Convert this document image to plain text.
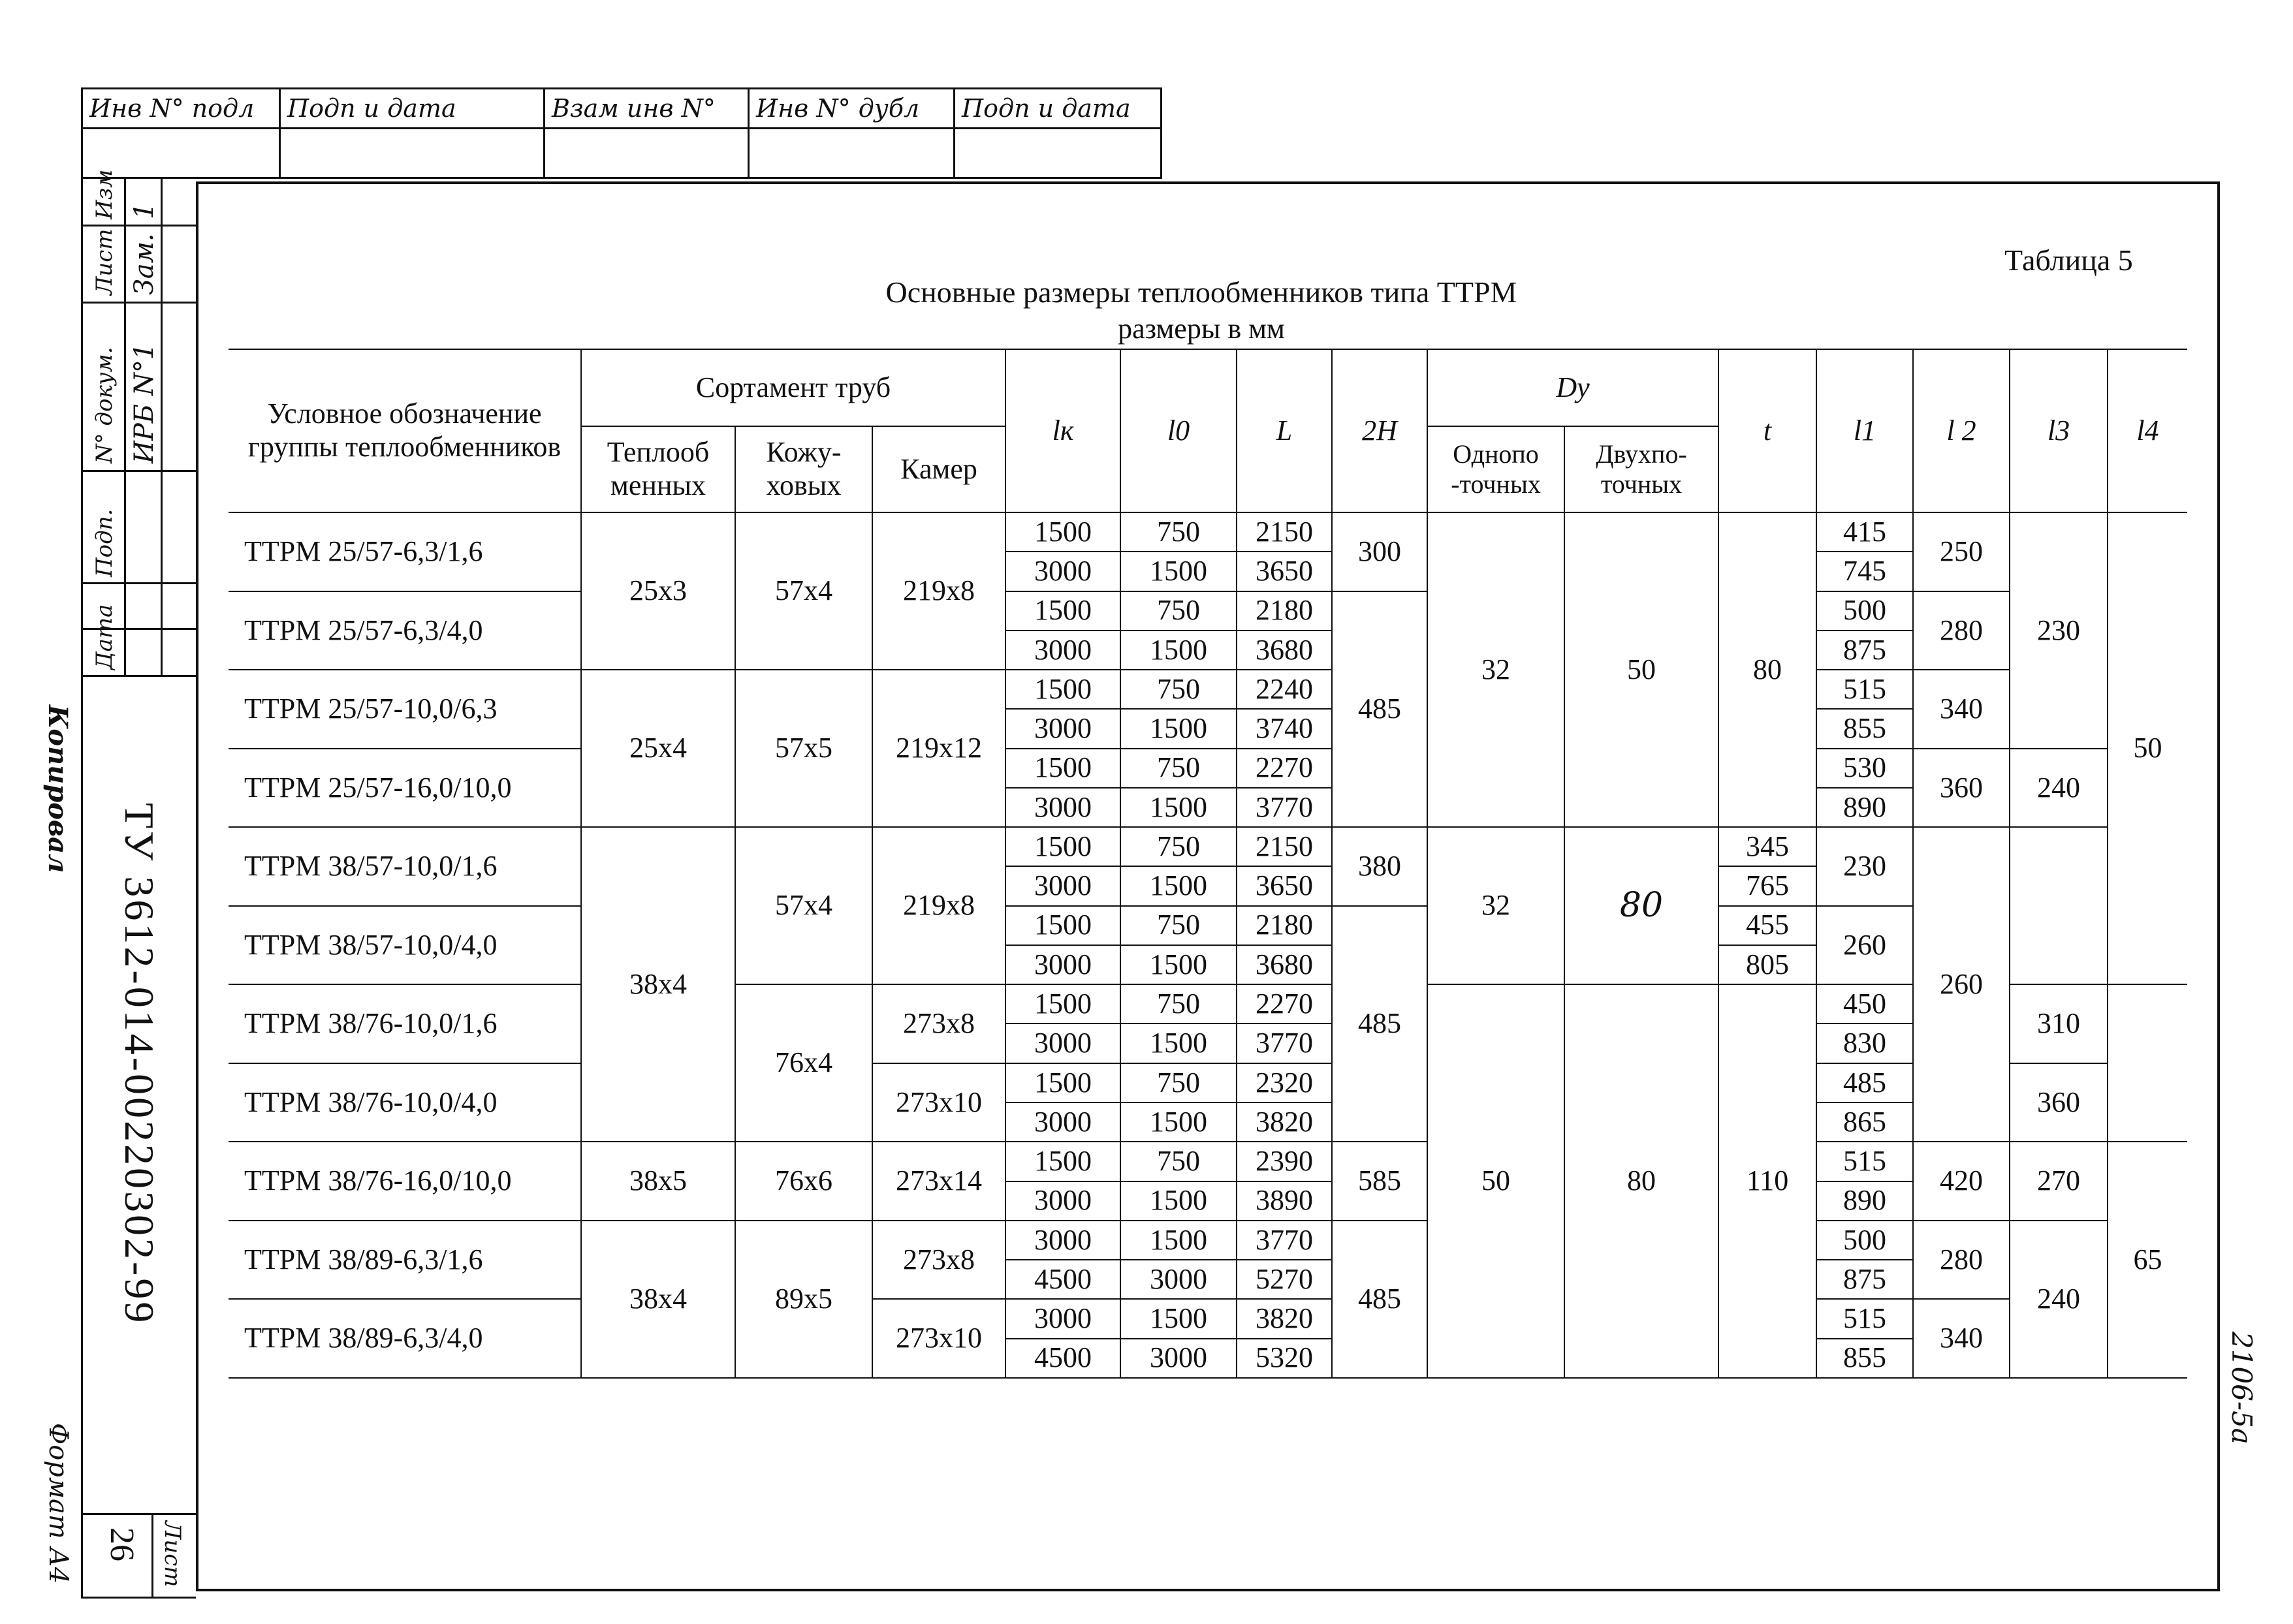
Инв N° подл	Подп и дата	Взам инв N°	Инв N° дубл	Подп и дата

Изм
Лист
N° докум.
Подп.
Дата
1
Зам.
ИРБ N°1
ТУ 3612-014-00220302-99
Лист
26
Копировал
Формат А4
2106-5а
Таблица 5
Основные размеры теплообменников типа ТТРМ
размеры в мм
Условное обозначение группы теплообменников	Сортамент труб			lк	l0	L	2H	Dy		t	l1	l 2	l3	l4
	Теплооб менных	Кожу- ховых	Камер					Однопо -точных	Двухпо- точных					
ТТРМ 25/57-6,3/1,6	25х3	57х4	219х8	1500	750	2150	300	32	50	80	415	250	230	50
				3000	1500	3650					745			
ТТРМ 25/57-6,3/4,0				1500	750	2180	485				500	280		
				3000	1500	3680					875			
ТТРМ 25/57-10,0/6,3	25х4	57х5	219х12	1500	750	2240					515	340		
				3000	1500	3740					855			
ТТРМ 25/57-16,0/10,0				1500	750	2270					530	360	240	
				3000	1500	3770					890			
ТТРМ 38/57-10,0/1,6	38х4	57х4	219х8	1500	750	2150	380	32	80	345	230	260		
				3000	1500	3650				765				
ТТРМ 38/57-10,0/4,0				1500	750	2180	485			455	260			
				3000	1500	3680				805				
ТТРМ 38/76-10,0/1,6		76х4	273х8	1500	750	2270		50	80	110	450		310	
				3000	1500	3770					830			
ТТРМ 38/76-10,0/4,0			273х10	1500	750	2320					485		360	
				3000	1500	3820					865			
ТТРМ 38/76-16,0/10,0	38х5	76х6	273х14	1500	750	2390	585				515	420	270	65
				3000	1500	3890					890			
ТТРМ 38/89-6,3/1,6	38х4	89х5	273х8	3000	1500	3770	485				500	280	240	
				4500	3000	5270					875			
ТТРМ 38/89-6,3/4,0			273х10	3000	1500	3820					515	340		
				4500	3000	5320					855			
